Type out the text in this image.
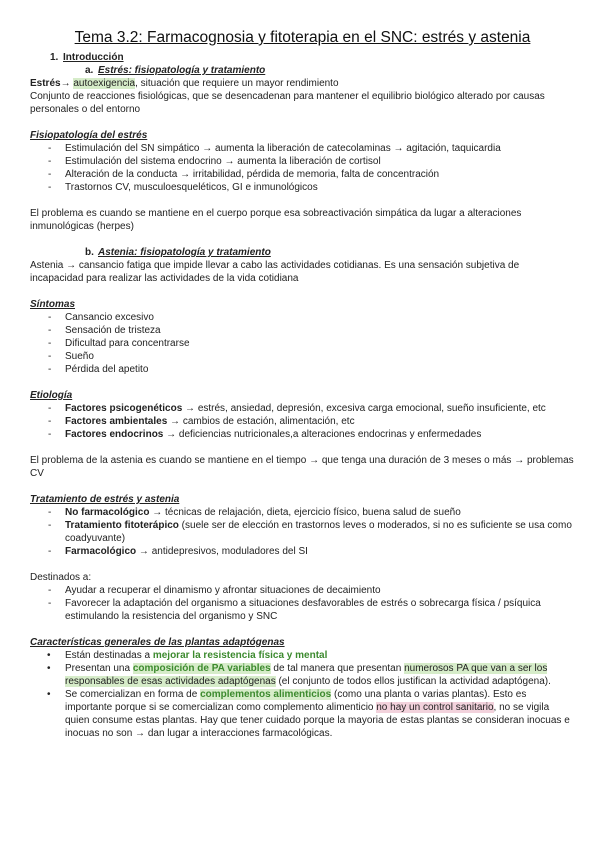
Tema 3.2: Farmacognosia y fitoterapia en el SNC: estrés y astenia
1. Introducción
a. Estrés: fisiopatología y tratamiento
Estrés→ autoexigencia, situación que requiere un mayor rendimiento
Conjunto de reacciones fisiológicas, que se desencadenan para mantener el equilibrio biológico alterado por causas personales o del entorno
Fisiopatología del estrés
- Estimulación del SN simpático → aumenta la liberación de catecolaminas → agitación, taquicardia
- Estimulación del sistema endocrino → aumenta la liberación de cortisol
- Alteración de la conducta → irritabilidad, pérdida de memoria, falta de concentración
- Trastornos CV, musculoesqueléticos, GI e inmunológicos
El problema es cuando se mantiene en el cuerpo porque esa sobreactivación simpática da lugar a alteraciones inmunológicas (herpes)
b. Astenia: fisiopatología y tratamiento
Astenia → cansancio fatiga que impide llevar a cabo las actividades cotidianas. Es una sensación subjetiva de incapacidad para realizar las actividades de la vida cotidiana
Síntomas
- Cansancio excesivo
- Sensación de tristeza
- Dificultad para concentrarse
- Sueño
- Pérdida del apetito
Etiología
- Factores psicogenéticos → estrés, ansiedad, depresión, excesiva carga emocional, sueño insuficiente, etc
- Factores ambientales → cambios de estación, alimentación, etc
- Factores endocrinos → deficiencias nutricionales,a alteraciones endocrinas y enfermedades
El problema de la astenia es cuando se mantiene en el tiempo → que tenga una duración de 3 meses o más → problemas CV
Tratamiento de estrés y astenia
- No farmacológico → técnicas de relajación, dieta, ejercicio físico, buena salud de sueño
- Tratamiento fitoterápico (suele ser de elección en trastornos leves o moderados, si no es suficiente se usa como coadyuvante)
- Farmacológico → antidepresivos, moduladores del SI
Destinados a:
- Ayudar a recuperar el dinamismo y afrontar situaciones de decaimiento
- Favorecer la adaptación del organismo a situaciones desfavorables de estrés o sobrecarga física / psíquica estimulando la resistencia del organismo y SNC
Características generales de las plantas adaptógenas
• Están destinadas a mejorar la resistencia física y mental
• Presentan una composición de PA variables de tal manera que presentan numerosos PA que van a ser los responsables de esas actividades adaptógenas (el conjunto de todos ellos justifican la actividad adaptógena).
• Se comercializan en forma de complementos alimenticios (como una planta o varias plantas). Esto es importante porque si se comercializan como complemento alimenticio no hay un control sanitario, no se vigila quien consume estas plantas. Hay que tener cuidado porque la mayoria de estas plantas se consideran inocuas e inocuas no son → dan lugar a interacciones farmacológicas.
